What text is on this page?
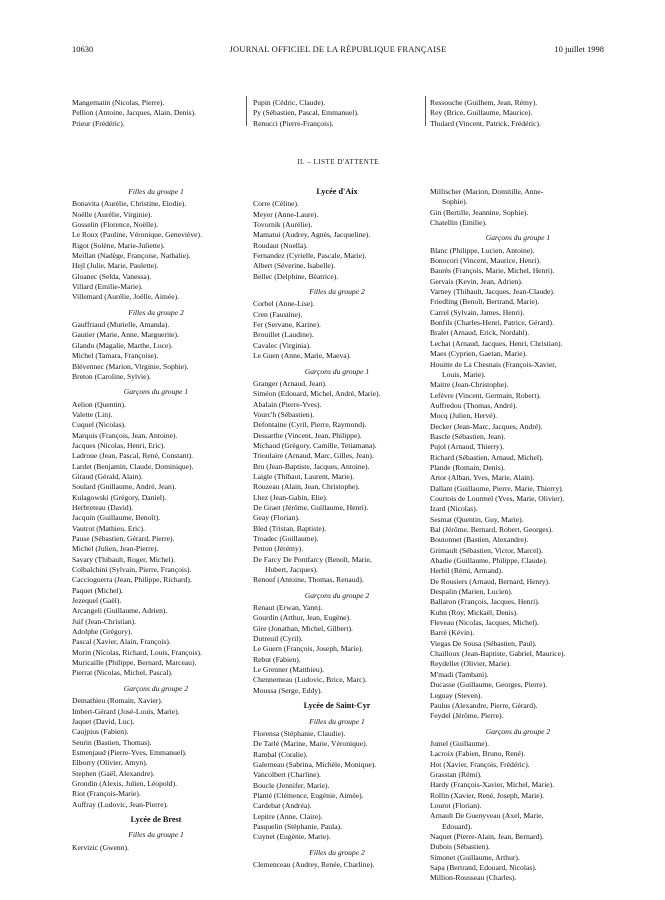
10630	JOURNAL OFFICIEL DE LA RÉPUBLIQUE FRANÇAISE	10 juillet 1998
Mangematin (Nicolas, Pierre).
Pellion (Antoine, Jacques, Alain, Denis).
Prieur (Frédéric).
Pupin (Cédric, Claude).
Py (Sébastien, Pascal, Emmanuel).
Renucci (Pierre-François).
Ressouche (Guilhem, Jean, Rémy).
Rey (Brice, Guillaume, Maurice).
Thulard (Vincent, Patrick, Frédéric).
II. – LISTE D'ATTENTE
Filles du groupe 1
Bonavita (Aurélie, Christine, Elodie).
Noëlle (Aurélie, Virginie).
Gosselin (Florence, Noëlle).
Le Roux (Pauline, Véronique, Geneviève).
Rigot (Solène, Marie-Juliette).
Meillan (Nadège, Françoise, Nathalie).
Hejl (Julie, Marie, Paulette).
Gloanec (Selda, Vanessa).
Villard (Emilie-Marie).
Villemard (Aurélie, Joëlle, Aimée).
Filles du groupe 2
Gauffriaud (Murielle, Amanda).
Gautier (Marie, Anne, Marguerite).
Glandu (Magalie, Marthe, Luce).
Michel (Tamara, Françoise).
Blévennec (Marion, Virginie, Sophie).
Breton (Caroline, Sylvie).
Garçons du groupe 1
Aelion (Quentin).
Valette (Lin).
Cuquel (Nicolas).
Marquis (François, Jean, Antoine).
Jacques (Nicolas, Henri, Eric).
Ladroue (Jean, Pascal, René, Constant).
Lardet (Benjamin, Claude, Dominique).
Giraud (Gérald, Alain).
Soulard (Guillaume, André, Jean).
Kulagowski (Grégory, Daniel).
Herbreteau (David).
Jacquin (Guillaume, Benoît).
Vautrot (Mathieu, Eric).
Pause (Sébastien, Gérard, Pierre).
Michel (Julien, Jean-Pierre).
Savary (Thibault, Roger, Michel).
Colbalchini (Sylvain, Pierre, François).
Caccioguerra (Jean, Philippe, Richard).
Paquet (Michel).
Jezequel (Gaël).
Arcangeli (Guillaume, Adrien).
Juif (Jean-Christian).
Adolphe (Grégory).
Pascal (Xavier, Alain, François).
Morin (Nicolas, Richard, Louis, François).
Muricaille (Philippe, Bernard, Marceau).
Pierrat (Nicolas, Michel, Pascal).
Garçons du groupe 2
Demathieu (Romain, Xavier).
Imbert-Gérard (José-Louis, Marie).
Jaquet (David, Luc).
Caujpius (Fabien).
Seurin (Bastien, Thomas).
Esmenjaud (Pierre-Yves, Emmanuel).
Elborry (Olivier, Amyn).
Stephen (Gaël, Alexandre).
Grondin (Alexis, Julien, Léopold).
Riot (François-Marie).
Auffray (Ludovic, Jean-Pierre).
Lycée de Brest
Filles du groupe 1
Kervizic (Gwenn).
Lycée d'Aix
Corre (Céline).
Meyer (Anne-Laure).
Tovornik (Aurélie).
Mamatui (Audrey, Agnès, Jacqueline).
Roudaut (Noella).
Fernandez (Cyrielle, Pascale, Marie).
Albert (Séverine, Isabelle).
Bellec (Delphine, Béatrice).
Filles du groupe 2
Corbel (Anne-Lise).
Cren (Faustine).
Fer (Servane, Karine).
Brouillet (Laudine).
Cavalec (Virginia).
Le Guen (Anne, Marie, Maeva).
Garçons du groupe 1
Granger (Arnaud, Jean).
Siméon (Edouard, Michel, André, Marie).
Abalain (Pierre-Yves).
Vourc'h (Sébastien).
Defontaine (Cyril, Pierre, Raymond).
Dessarthe (Vincent, Jean, Philippe).
Michaud (Grégory, Camille, Tetiamana).
Trioulaire (Arnaud, Marc, Gilles, Jean).
Bru (Jean-Baptiste, Jacques, Antoine).
Laigle (Thibaut, Laurent, Marie).
Rouzeau (Alain, Jean, Christophe).
Lhez (Jean-Gabin, Elie).
De Graet (Jérôme, Guillaume, Henri).
Geay (Florian).
Bled (Tristan, Baptiste).
Troadec (Guillaume).
Petton (Jérémy).
De Farcy De Pontfarcy (Benoît, Marie,
Hubert, Jacques).
Renouf (Antoine, Thomas, Renaud).
Garçons du groupe 2
Renaut (Erwan, Yann).
Gourdin (Arthur, Jean, Eugène).
Gire (Jonathan, Michel, Gilbert).
Dutreuil (Cyril).
Le Guern (François, Joseph, Marie).
Rebut (Fabien).
Le Grenner (Matthieu).
Chennemeau (Ludovic, Brice, Marc).
Moussa (Serge, Eddy).
Lycée de Saint-Cyr
Filles du groupe 1
Florensa (Stéphanie, Claudie).
De Tarlé (Marine, Marie, Véronique).
Rambal (Coralie).
Galerneau (Sabrina, Michèle, Monique).
Vancolbert (Charline).
Boucle (Jennifer, Marie).
Planté (Clémence, Eugénie, Aimée).
Cardebat (Andréa).
Lepitre (Anne, Claire).
Pasquelin (Stéphanie, Paula).
Cuynet (Eugénie, Marie).
Filles du groupe 2
Clemenceau (Audrey, Renée, Charline).
Millischer (Marion, Domitille, Anne-
Sophie).
Gin (Bertille, Jeannine, Sophie).
Chatellin (Emilie).
Garçons du groupe 1
Blanc (Philippe, Lucien, Antoine).
Bonocori (Vincent, Maurice, Henri).
Baurès (François, Marie, Michel, Henri).
Gervais (Kevin, Jean, Adrien).
Varney (Thibault, Jacques, Jean-Claude).
Friedling (Benoît, Bertrand, Marie).
Carrel (Sylvain, James, Henri).
Bonfils (Charles-Henri, Patrice, Gérard).
Bralet (Arnaud, Erick, Nordahl).
Lechat (Arnaud, Jacques, Henri, Christian).
Maes (Cyprien, Gaetan, Marie).
Houitte de La Chesnais (François-Xavier,
Louis, Marie).
Maitre (Jean-Christophe).
Lefèvre (Vincent, Germain, Robert).
Auffredou (Thomas, André).
Mocq (Julien, Hervé).
Decker (Jean-Marc, Jacques, André).
Bascle (Sébastien, Jean).
Pujol (Arnaud, Thierry).
Richard (Sébastien, Arnaud, Michel).
Plande (Romain, Denis).
Artor (Alban, Yves, Marie, Alain).
Dallant (Guillaume, Pierre, Marie, Thierry).
Courtois de Lourmel (Yves, Marie, Olivier).
Izard (Nicolas).
Sesmat (Quentin, Guy, Marie).
Bal (Jérôme, Bernard, Robert, Georges).
Boutonnet (Bastien, Alexandre).
Grimault (Sébastien, Victor, Marcel).
Abadie (Guillaume, Philippe, Claude).
Herbil (Rémi, Armand).
De Rousiers (Arnaud, Bernard, Henry).
Despalin (Marien, Lucien).
Ballaron (François, Jacques, Henri).
Kuhn (Roy, Mickaël, Denis).
Fleveau (Nicolas, Jacques, Michel).
Barré (Kévin).
Viegas De Sousa (Sébastien, Paul).
Chailloux (Jean-Baptiste, Gabriel, Maurice).
Reydellet (Olivier, Marie).
M'madi (Tambani).
Ducasse (Guillaume, Georges, Pierre).
Leguay (Steven).
Paulus (Alexandre, Pierre, Gérard).
Feydel (Jérôme, Pierre).
Garçons du groupe 2
Jumel (Guillaume).
Lacroix (Fabien, Bruno, René).
Hot (Xavier, François, Frédéric).
Grasstan (Rémi).
Hardy (François-Xavier, Michel, Marie).
Rollin (Xavier, René, Joseph, Marie).
Lourot (Florian).
Arnault De Guenyveau (Axel, Marie,
Edouard).
Naquet (Pierre-Alain, Jean, Bernard).
Dubois (Sébastien).
Simonet (Guillaume, Arthur).
Sapa (Bertrand, Edouard, Nicolas).
Million-Rousseau (Charles).
